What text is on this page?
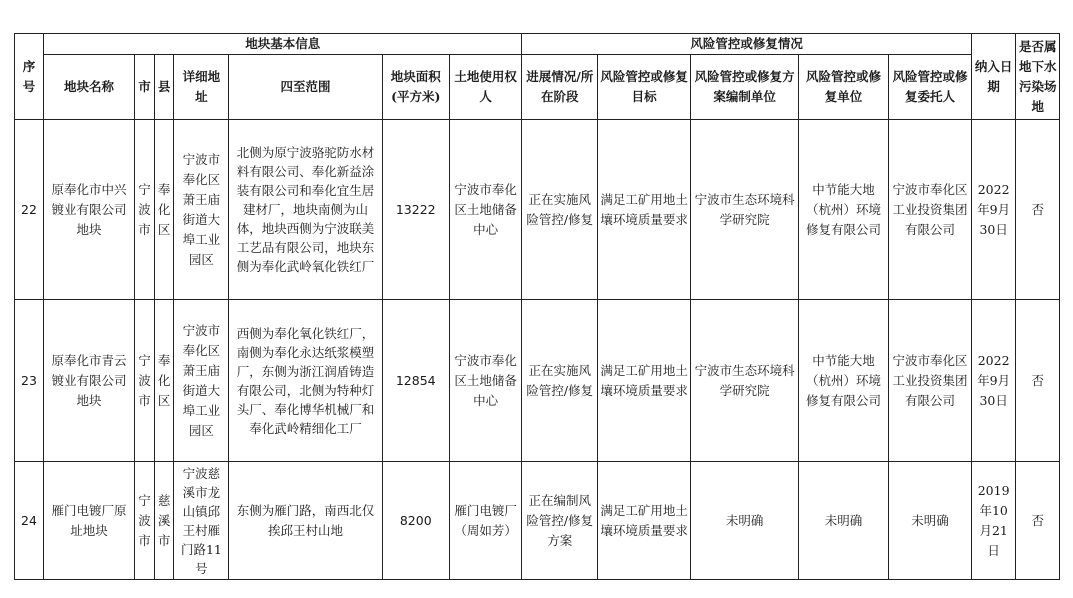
序号	地块基本信息							风险管控或修复情况					纳入日期	是否属地下水污染场地
	地块名称	市	县	详细地址	四至范围	地块面积(平方米)	土地使用权人	进展情况/所在阶段	风险管控或修复目标	风险管控或修复方案编制单位	风险管控或修复单位	风险管控或修复委托人		
22	原奉化市中兴镀业有限公司地块	宁波市	奉化区	宁波市奉化区萧王庙街道大埠工业园区	北侧为原宁波骆驼防水材料有限公司、奉化新益涂装有限公司和奉化宜生居建材厂，地块南侧为山体，地块西侧为宁波联美工艺品有限公司，地块东侧为奉化武岭氧化铁红厂	13222	宁波市奉化区土地储备中心	正在实施风险管控/修复	满足工矿用地土壤环境质量要求	宁波市生态环境科学研究院	中节能大地（杭州）环境修复有限公司	宁波市奉化区工业投资集团有限公司	2022年9月30日	否
23	原奉化市青云镀业有限公司地块	宁波市	奉化区	宁波市奉化区萧王庙街道大埠工业园区	西侧为奉化氧化铁红厂，南侧为奉化永达纸浆模塑厂，东侧为浙江润盾铸造有限公司，北侧为特种灯头厂、奉化博华机械厂和奉化武岭精细化工厂	12854	宁波市奉化区土地储备中心	正在实施风险管控/修复	满足工矿用地土壤环境质量要求	宁波市生态环境科学研究院	中节能大地（杭州）环境修复有限公司	宁波市奉化区工业投资集团有限公司	2022年9月30日	否
24	雁门电镀厂原址地块	宁波市	慈溪市	宁波慈溪市龙山镇邱王村雁门路11号	东侧为雁门路，南西北仅挨邱王村山地	8200	雁门电镀厂（周如芳）	正在编制风险管控/修复方案	满足工矿用地土壤环境质量要求	未明确	未明确	未明确	2019年10月21日	否
